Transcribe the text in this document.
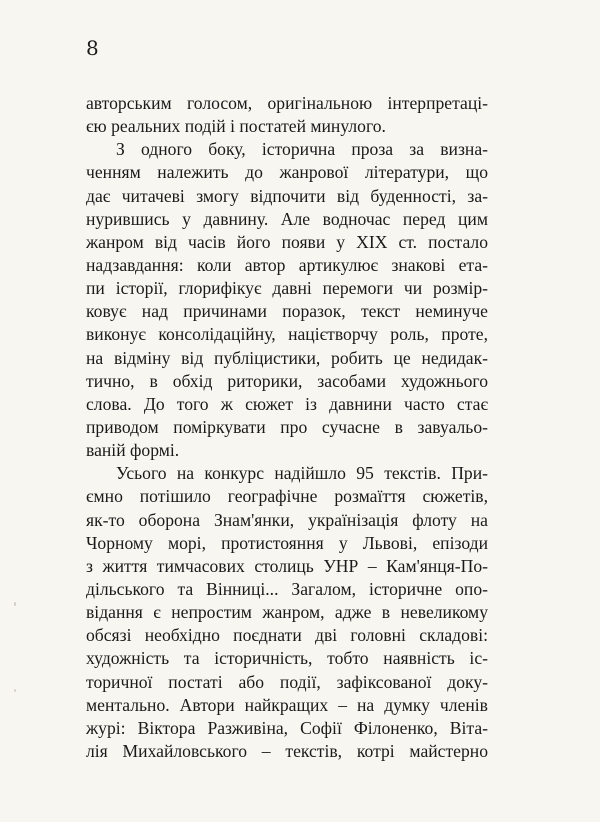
8
авторським голосом, оригінальною інтерпретаці-
єю реальних подій і постатей минулого.
З одного боку, історична проза за визна-
ченням належить до жанрової літератури, що
дає читачеві змогу відпочити від буденності, за-
нурившись у давнину. Але водночас перед цим
жанром від часів його появи у XIX ст. постало
надзавдання: коли автор артикулює знакові ета-
пи історії, глорифікує давні перемоги чи розмір-
ковує над причинами поразок, текст неминуче
виконує консолідаційну, націєтворчу роль, проте,
на відміну від публіцистики, робить це недидак-
тично, в обхід риторики, засобами художнього
слова. До того ж сюжет із давнини часто стає
приводом поміркувати про сучасне в завуальо-
ваній формі.
Усього на конкурс надійшло 95 текстів. При-
ємно потішило географічне розмаїття сюжетів,
як-то оборона Знам'янки, українізація флоту на
Чорному морі, протистояння у Львові, епізоди
з життя тимчасових столиць УНР – Кам'янця-По-
дільського та Вінниці... Загалом, історичне опо-
відання є непростим жанром, адже в невеликому
обсязі необхідно поєднати дві головні складові:
художність та історичність, тобто наявність іс-
торичної постаті або події, зафіксованої доку-
ментально. Автори найкращих – на думку членів
журі: Віктора Разживіна, Софії Філоненко, Віта-
лія Михайловського – текстів, котрі майстерно
